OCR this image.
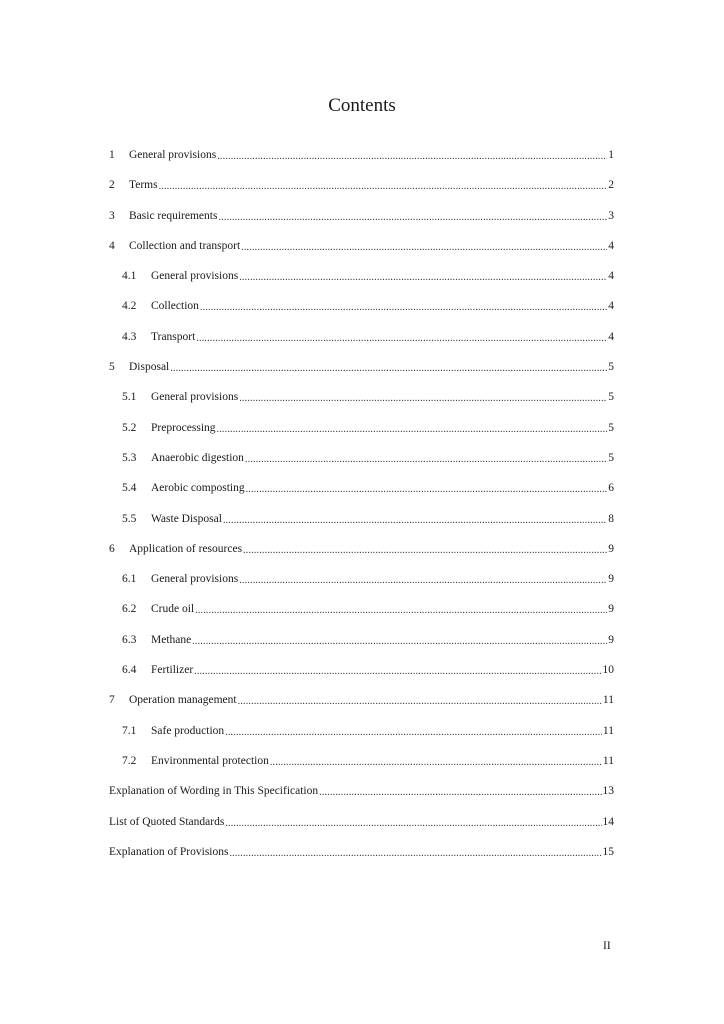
Contents
1	General provisions .....	1
2	Terms .....	2
3	Basic requirements .....	3
4	Collection and transport .....	4
4.1	General provisions .....	4
4.2	Collection .....	4
4.3	Transport .....	4
5	Disposal .....	5
5.1	General provisions .....	5
5.2	Preprocessing .....	5
5.3	Anaerobic digestion .....	5
5.4	Aerobic composting .....	6
5.5	Waste Disposal .....	8
6	Application of resources .....	9
6.1	General provisions .....	9
6.2	Crude oil .....	9
6.3	Methane .....	9
6.4	Fertilizer .....	10
7	Operation management .....	11
7.1	Safe production .....	11
7.2	Environmental protection .....	11
Explanation of Wording in This Specification .....	13
List of Quoted Standards .....	14
Explanation of Provisions .....	15
II
